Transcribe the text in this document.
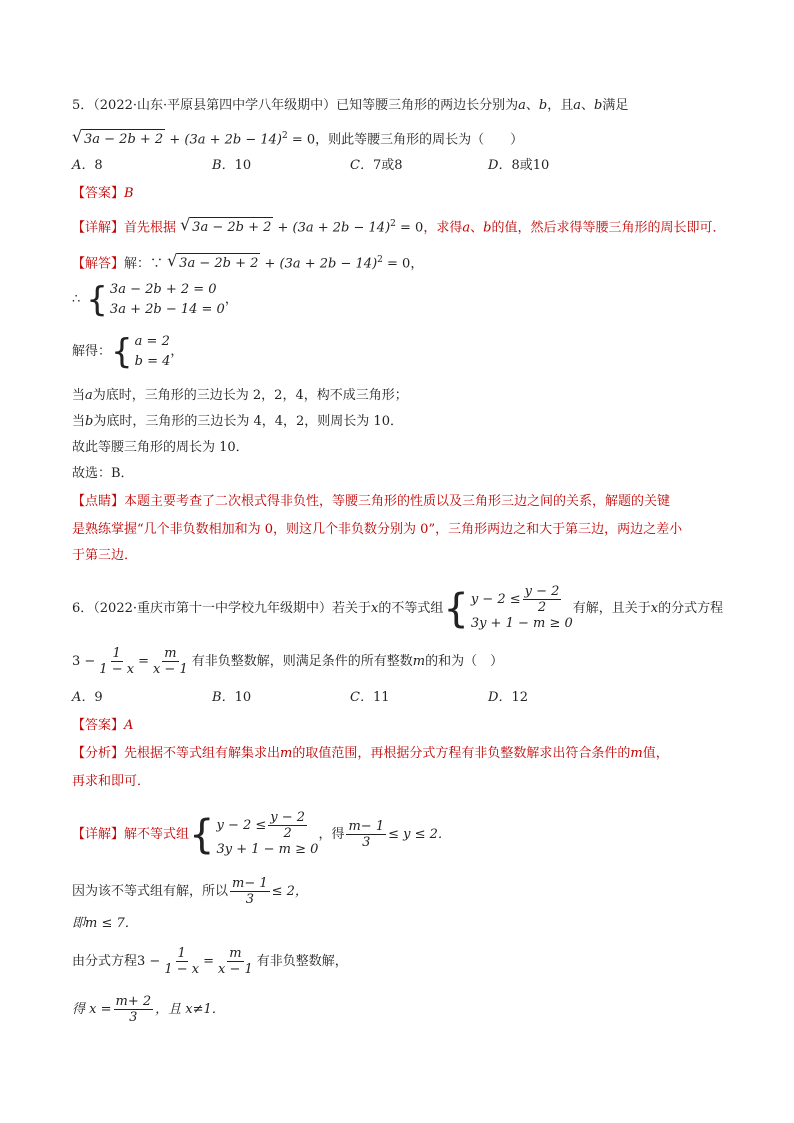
5．（2022·山东·平原县第四中学八年级期中）已知等腰三角形的两边长分别为a、b，且a、b满足
√ $3a - 2b + 2 + (3a + 2b - 14)^2 = 0$，则此等腰三角形的周长为（　　）
A．8	B．10	C．7或8	D．8或10
【答案】B
【详解】首先根据 √ $3a - 2b + 2 + (3a + 2b - 14)^2 = 0$，求得a、b的值，然后求得等腰三角形的周长即可．
【解答】解：∵ √ $3a - 2b + 2 + (3a + 2b - 14)^2 = 0$，
∴ { 3a − 2b + 2 = 0
3a + 2b − 14 = 0
，
解得： { a = 2
b = 4
，
当a为底时，三角形的三边长为 2，2，4，构不成三角形；
当b为底时，三角形的三边长为 4，4，2，则周长为 10．
故此等腰三角形的周长为 10．
故选：B．
【点睛】本题主要考查了二次根式得非负性，等腰三角形的性质以及三角形三边之间的关系，解题的关键
是熟练掌握“几个非负数相加和为 0，则这几个非负数分别为 0”，三角形两边之和大于第三边，两边之差小
于第三边．
6．（2022·重庆市第十一中学校九年级期中）若关于 x 的不等式组 { $y - 2 \le \frac{y - 2}{2}$
3y + 1 − m ≥ 0
有解，且关于 x 的分式方程
$3 - \frac{1}{1 - x} = \frac{m}{x - 1}$ 有非负整数解，则满足条件的所有整数 m 的和为（　）
A．9	B．10	C．11	D．12
【答案】A
【分析】先根据不等式组有解集求出m的取值范围，再根据分式方程有非负整数解求出符合条件的m值，
再求和即可．
【详解】 解不等式组 { $y - 2 \le \frac{y - 2}{2}$
3y + 1 − m ≥ 0
，得 $\frac{m- 1}{3} \le y \le 2$．
因为该不等式组有解，所以 $\frac{m- 1}{3} \le 2$，
即m ≤ 7．
由分式方程 $3 - \frac{1}{1 - x} = \frac{m}{x - 1}$ 有非负整数解，
得 $x = \frac{m+ 2}{3}$ ，且 x≠1．
